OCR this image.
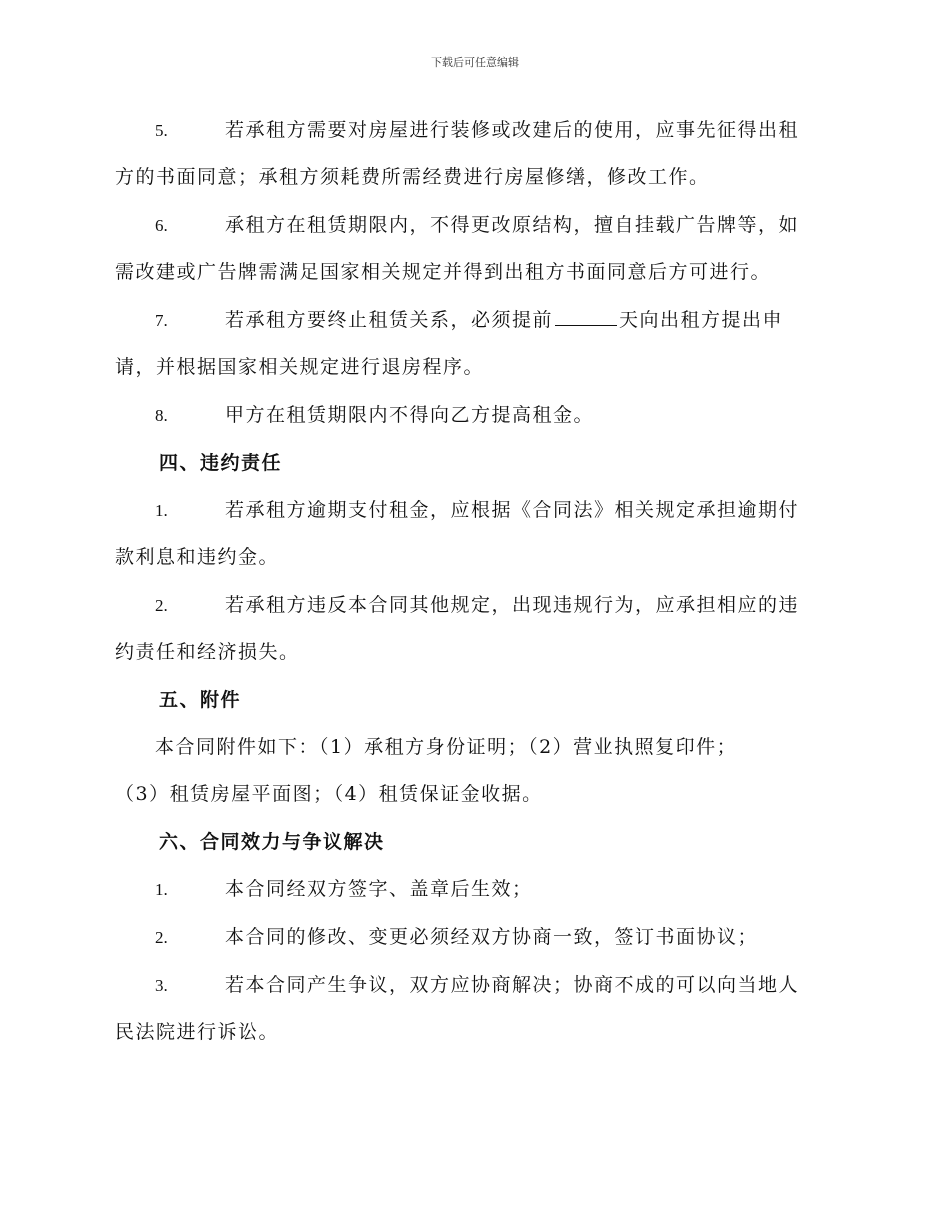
下载后可任意编辑
5.	若承租方需要对房屋进行装修或改建后的使用，应事先征得出租
方的书面同意；承租方须耗费所需经费进行房屋修缮，修改工作。
6.	承租方在租赁期限内，不得更改原结构，擅自挂载广告牌等，如
需改建或广告牌需满足国家相关规定并得到出租方书面同意后方可进行。
7.	若承租方要终止租赁关系，必须提前	天向出租方提出申
请，并根据国家相关规定进行退房程序。
8.	甲方在租赁期限内不得向乙方提高租金。
四、违约责任
1.	若承租方逾期支付租金，应根据《合同法》相关规定承担逾期付
款利息和违约金。
2.	若承租方违反本合同其他规定，出现违规行为，应承担相应的违
约责任和经济损失。
五、附件
本合同附件如下：（1）承租方身份证明；（2）营业执照复印件；
（3）租赁房屋平面图；（4）租赁保证金收据。
六、合同效力与争议解决
1.	本合同经双方签字、盖章后生效；
2.	本合同的修改、变更必须经双方协商一致，签订书面协议；
3.	若本合同产生争议，双方应协商解决；协商不成的可以向当地人
民法院进行诉讼。
